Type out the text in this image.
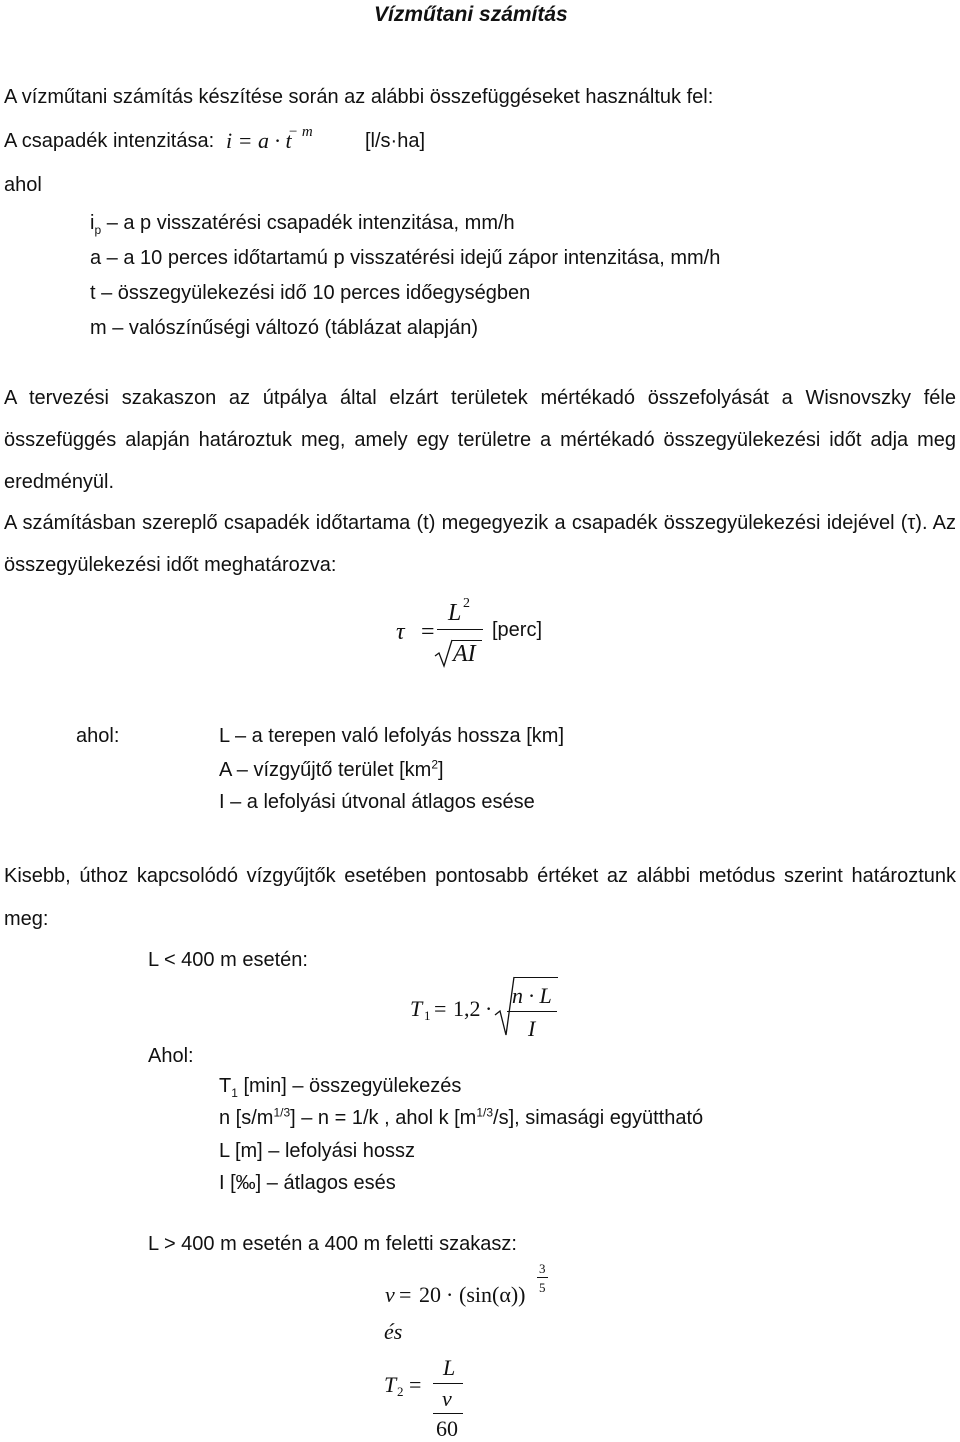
Vízműtani számítás
A vízműtani számítás készítése során az alábbi összefüggéseket használtuk fel:
A csapadék intenzitása: i = a · t
− m	[l/s·ha]
ahol
$i_p$ – a p visszatérési csapadék intenzitása, mm/h
a – a 10 perces időtartamú p visszatérési idejű zápor intenzitása, mm/h
t – összegyülekezési idő 10 perces időegységben
m – valószínűségi változó (táblázat alapján)
A tervezési szakaszon az útpálya által elzárt területek mértékadó összefolyását a Wisnovszky féle
összefüggés alapján határoztuk meg, amely egy területre a mértékadó összegyülekezési időt adja meg
eredményül.
A számításban szereplő csapadék időtartama (t) megegyezik a csapadék összegyülekezési idejével (τ). Az
összegyülekezési időt meghatározva:
τ =
L 2
AI
[perc]
ahol:	L – a terepen való lefolyás hossza [km]
A – vízgyűjtő terület $[km^2]$
I – a lefolyási útvonal átlagos esése
Kisebb, úthoz kapcsolódó vízgyűjtők esetében pontosabb értéket az alábbi metódus szerint határoztunk
meg:
L < 400 m esetén:
T 1 = 1,2 ·
n · L
I
Ahol:
$T_1$ [min] – összegyülekezés
n $[s/m^{1/3}] - n = 1/k$ , ahol k $[m^{1/3}/s]$, simasági együttható
L [m] – lefolyási hossz
I [‰] – átlagos esés
L > 400 m esetén a 400 m feletti szakasz:
v = 20 · (sin(α))
3
5
és
T 2 =
L
v
60
